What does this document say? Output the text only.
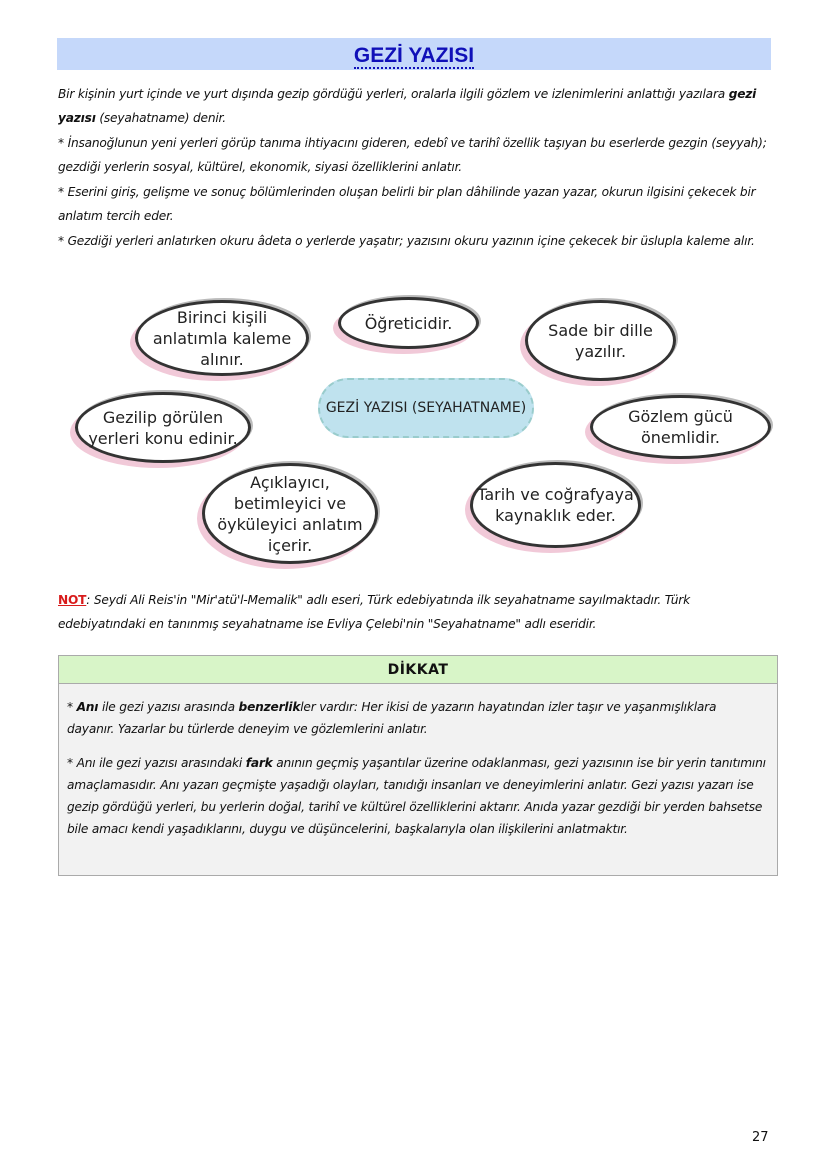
GEZİ YAZISI
Bir kişinin yurt içinde ve yurt dışında gezip gördüğü yerleri, oralarla ilgili gözlem ve izlenimlerini anlattığı yazılara gezi yazısı (seyahatname) denir.
* İnsanoğlunun yeni yerleri görüp tanıma ihtiyacını gideren, edebî ve tarihî özellik taşıyan bu eserlerde gezgin (seyyah); gezdiği yerlerin sosyal, kültürel, ekonomik, siyasi özelliklerini anlatır.
* Eserini giriş, gelişme ve sonuç bölümlerinden oluşan belirli bir plan dâhilinde yazan yazar, okurun ilgisini çekecek bir anlatım tercih eder.
* Gezdiği yerleri anlatırken okuru âdeta o yerlerde yaşatır; yazısını okuru yazının içine çekecek bir üslupla kaleme alır.
GEZİ YAZISI (SEYAHATNAME)
Birinci kişili anlatımla kaleme alınır.
Öğreticidir.	Sade bir dille yazılır.
Gezilip görülen yerleri konu edinir.
Gözlem gücü önemlidir.
Açıklayıcı, betimleyici ve öyküleyici anlatım içerir.
Tarih ve coğrafyaya kaynaklık eder.
NOT: Seydi Ali Reis'in "Mir'atü'l-Memalik" adlı eseri, Türk edebiyatında ilk seyahatname sayılmaktadır. Türk edebiyatındaki en tanınmış seyahatname ise Evliya Çelebi'nin "Seyahatname" adlı eseridir.
DİKKAT
* Anı ile gezi yazısı arasında benzerlikler vardır: Her ikisi de yazarın hayatından izler taşır ve yaşanmışlıklara dayanır. Yazarlar bu türlerde deneyim ve gözlemlerini anlatır.
* Anı ile gezi yazısı arasındaki fark anının geçmiş yaşantılar üzerine odaklanması, gezi yazısının ise bir yerin tanıtımını amaçlamasıdır. Anı yazarı geçmişte yaşadığı olayları, tanıdığı insanları ve deneyimlerini anlatır. Gezi yazısı yazarı ise gezip gördüğü yerleri, bu yerlerin doğal, tarihî ve kültürel özelliklerini aktarır. Anıda yazar gezdiği bir yerden bahsetse bile amacı kendi yaşadıklarını, duygu ve düşüncelerini, başkalarıyla olan ilişkilerini anlatmaktır.
27
